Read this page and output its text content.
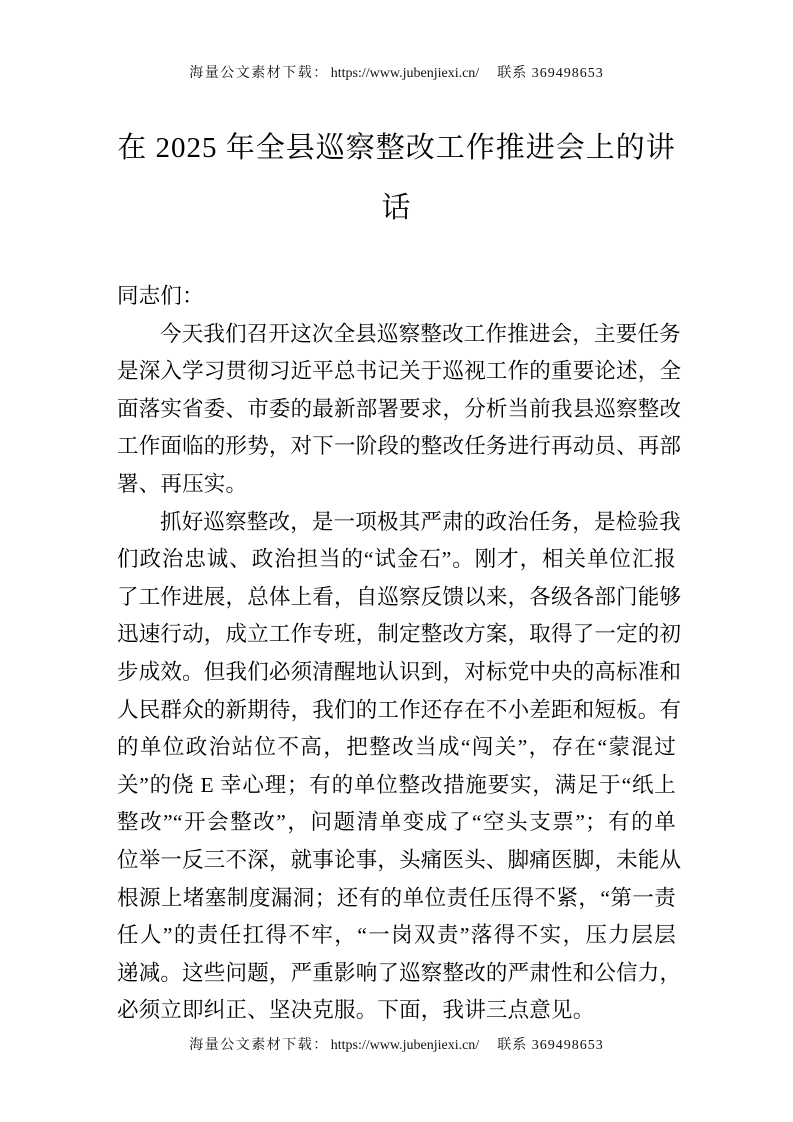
海量公文素材下载： https://www.jubenjiexi.cn/ 联系 369498653
在 2025 年全县巡察整改工作推进会上的讲
话
同志们：
今天我们召开这次全县巡察整改工作推进会，主要任务
是深入学习贯彻习近平总书记关于巡视工作的重要论述，全
面落实省委、市委的最新部署要求，分析当前我县巡察整改
工作面临的形势，对下一阶段的整改任务进行再动员、再部
署、再压实。
抓好巡察整改，是一项极其严肃的政治任务，是检验我
们政治忠诚、政治担当的“试金石”。刚才，相关单位汇报
了工作进展，总体上看，自巡察反馈以来，各级各部门能够
迅速行动，成立工作专班，制定整改方案，取得了一定的初
步成效。但我们必须清醒地认识到，对标党中央的高标准和
人民群众的新期待，我们的工作还存在不小差距和短板。有
的单位政治站位不高，把整改当成“闯关”，存在“蒙混过
关”的侥 E 幸心理；有的单位整改措施要实，满足于“纸上
整改”“开会整改”，问题清单变成了“空头支票”；有的单
位举一反三不深，就事论事，头痛医头、脚痛医脚，未能从
根源上堵塞制度漏洞；还有的单位责任压得不紧，“第一责
任人”的责任扛得不牢，“一岗双责”落得不实，压力层层
递减。这些问题，严重影响了巡察整改的严肃性和公信力，
必须立即纠正、坚决克服。下面，我讲三点意见。
海量公文素材下载： https://www.jubenjiexi.cn/ 联系 369498653
